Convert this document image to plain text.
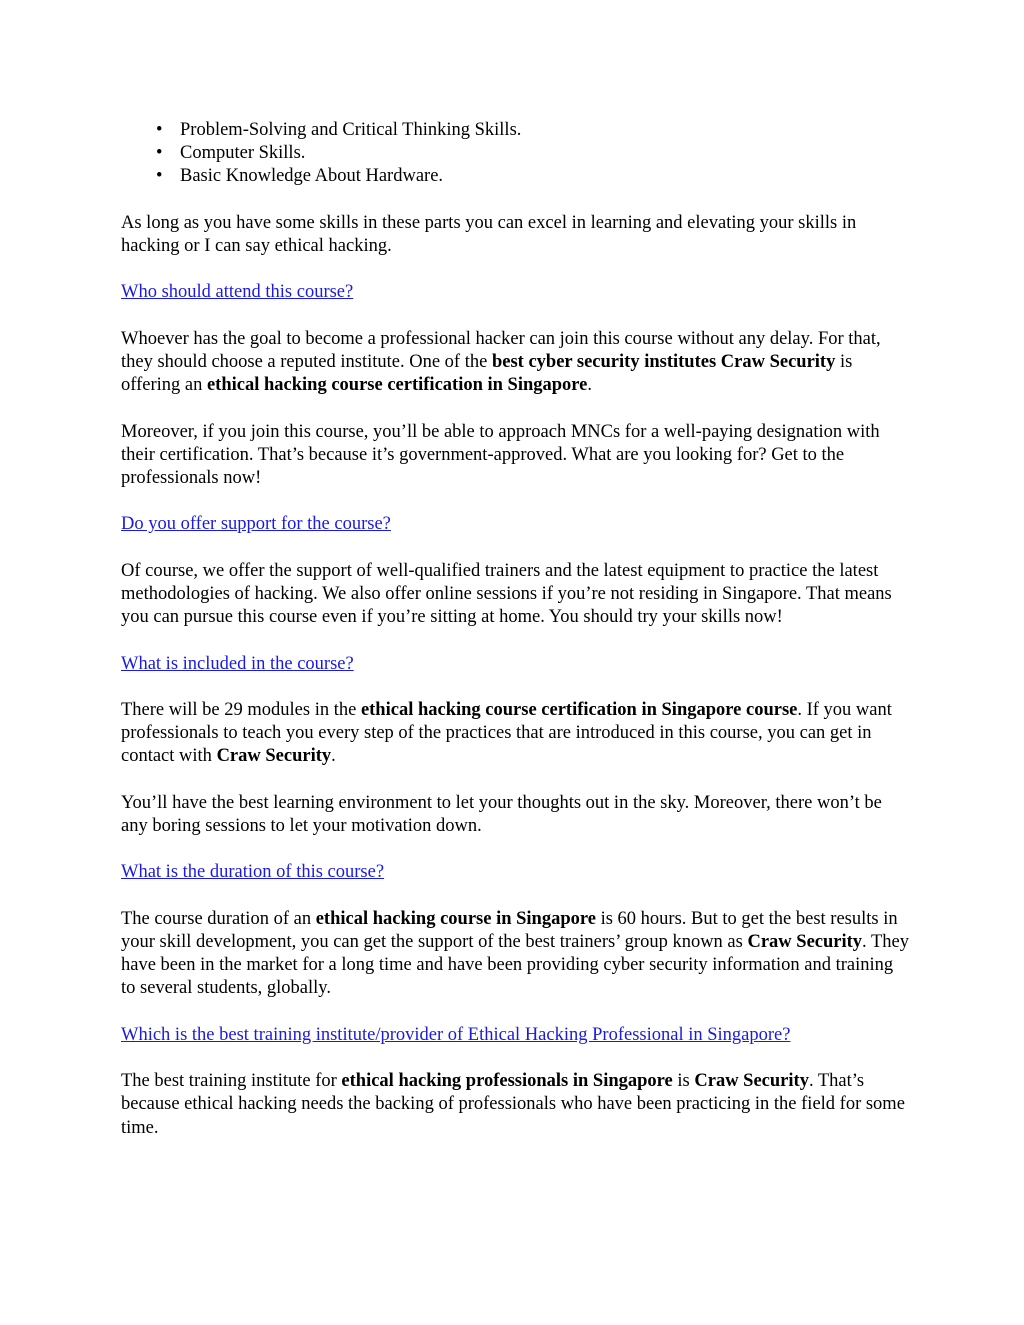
• Problem-Solving and Critical Thinking Skills.
• Computer Skills.
• Basic Knowledge About Hardware.

As long as you have some skills in these parts you can excel in learning and elevating your skills in hacking or I can say ethical hacking.

Who should attend this course?

Whoever has the goal to become a professional hacker can join this course without any delay. For that, they should choose a reputed institute. One of the best cyber security institutes Craw Security is offering an ethical hacking course certification in Singapore.

Moreover, if you join this course, you’ll be able to approach MNCs for a well-paying designation with their certification. That’s because it’s government-approved. What are you looking for? Get to the professionals now!

Do you offer support for the course?

Of course, we offer the support of well-qualified trainers and the latest equipment to practice the latest methodologies of hacking. We also offer online sessions if you’re not residing in Singapore. That means you can pursue this course even if you’re sitting at home. You should try your skills now!

What is included in the course?

There will be 29 modules in the ethical hacking course certification in Singapore course. If you want professionals to teach you every step of the practices that are introduced in this course, you can get in contact with Craw Security.

You’ll have the best learning environment to let your thoughts out in the sky. Moreover, there won’t be any boring sessions to let your motivation down.

What is the duration of this course?

The course duration of an ethical hacking course in Singapore is 60 hours. But to get the best results in your skill development, you can get the support of the best trainers’ group known as Craw Security. They have been in the market for a long time and have been providing cyber security information and training to several students, globally.

Which is the best training institute/provider of Ethical Hacking Professional in Singapore?

The best training institute for ethical hacking professionals in Singapore is Craw Security. That’s because ethical hacking needs the backing of professionals who have been practicing in the field for some time.
